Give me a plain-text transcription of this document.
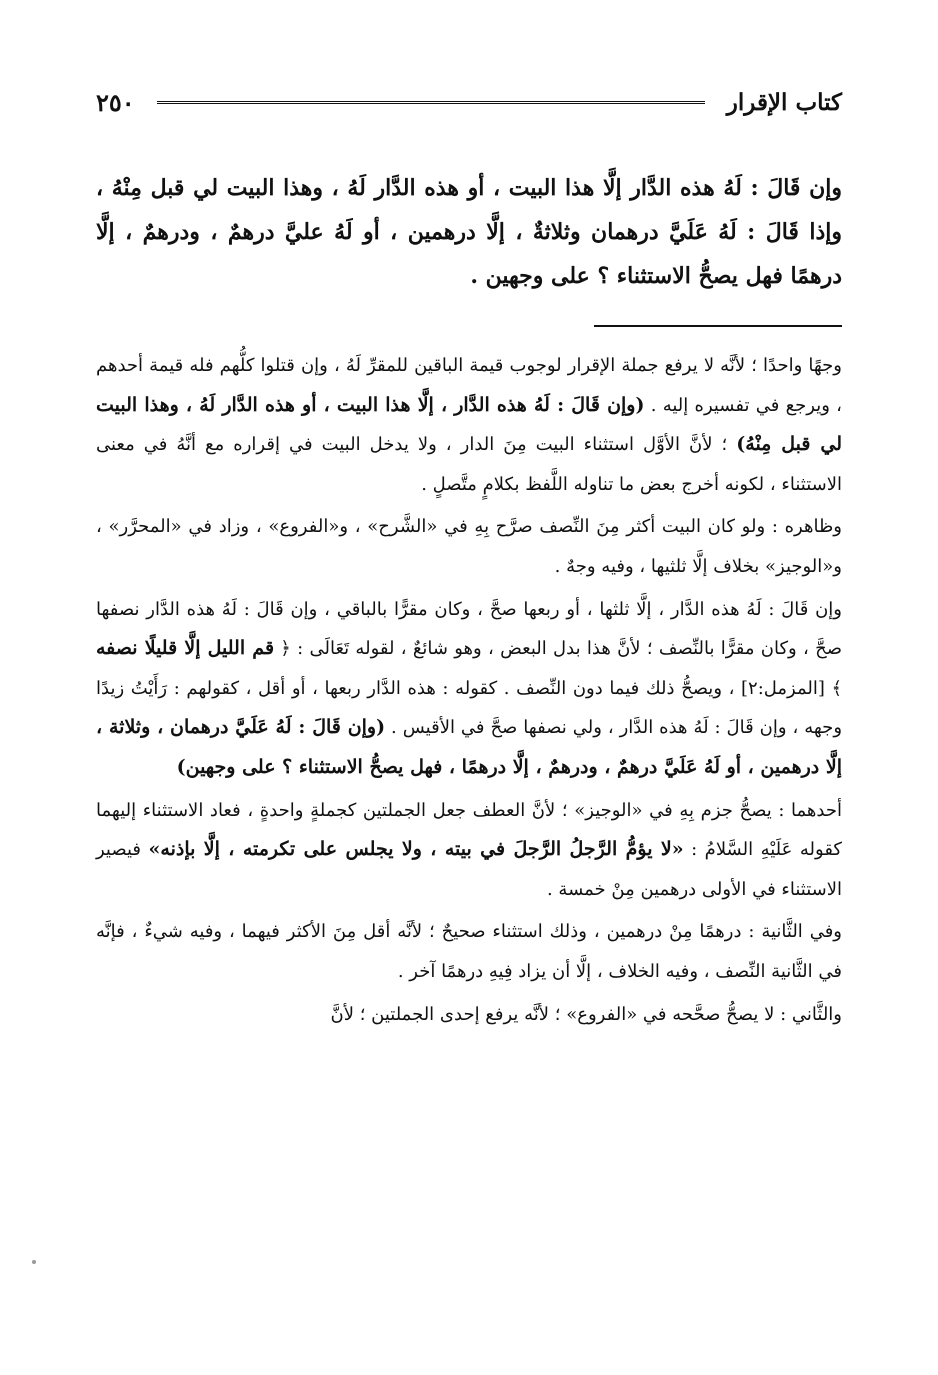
كتاب الإقرار
٢٥٠

وإن قَالَ : لَهُ هذه الدَّار إلَّا هذا البيت ، أو هذه الدَّار لَهُ ، وهذا البيت لي قبل مِنْهُ ، وإذا قَالَ : لَهُ عَلَيَّ درهمان وثلاثةٌ ، إلَّا درهمين ، أو لَهُ عليَّ درهمٌ ، ودرهمٌ ، إلَّا درهمًا فهل يصحُّ الاستثناء ؟ على وجهين .

وجهًا واحدًا ؛ لأنَّه لا يرفع جملة الإقرار لوجوب قيمة الباقين للمقرِّ لَهُ ، وإن قتلوا كلُّهم فله قيمة أحدهم ، ويرجع في تفسيره إليه . (وإن قَالَ : لَهُ هذه الدَّار ، إلَّا هذا البيت ، أو هذه الدَّار لَهُ ، وهذا البيت لي قبل مِنْهُ) ؛ لأنَّ الأوَّل استثناء البيت مِنَ الدار ، ولا يدخل البيت في إقراره مع أنَّهُ في معنى الاستثناء ، لكونه أخرج بعض ما تناوله اللَّفظ بكلامٍ متَّصلٍ .

وظاهره : ولو كان البيت أكثر مِنَ النِّصف صرَّح بِهِ في «الشَّرح» ، و«الفروع» ، وزاد في «المحرَّر» ، و«الوجيز» بخلاف إلَّا ثلثيها ، وفيه وجهٌ .

وإن قَالَ : لَهُ هذه الدَّار ، إلَّا ثلثها ، أو ربعها صحَّ ، وكان مقرًّا بالباقي ، وإن قَالَ : لَهُ هذه الدَّار نصفها صحَّ ، وكان مقرًّا بالنِّصف ؛ لأنَّ هذا بدل البعض ، وهو شائعٌ ، لقوله تَعَالَى : ﴿ قم الليل إلَّا قليلًا نصفه ﴾ [المزمل:٢] ، ويصحُّ ذلك فيما دون النِّصف . كقوله : هذه الدَّار ربعها ، أو أقل ، كقولهم : رَأَيْتُ زيدًا وجهه ، وإن قَالَ : لَهُ هذه الدَّار ، ولي نصفها صحَّ في الأقيس . (وإن قَالَ : لَهُ عَلَيَّ درهمان ، وثلاثة ، إلَّا درهمين ، أو لَهُ عَلَيَّ درهمٌ ، ودرهمٌ ، إلَّا درهمًا ، فهل يصحُّ الاستثناء ؟ على وجهين)

أحدهما : يصحُّ جزم بِهِ في «الوجيز» ؛ لأنَّ العطف جعل الجملتين كجملةٍ واحدةٍ ، فعاد الاستثناء إليهما كقوله عَلَيْهِ السَّلامُ : «لا يؤمُّ الرَّجلُ الرَّجلَ في بيته ، ولا يجلس على تكرمته ، إلَّا بإذنه» فيصير الاستثناء في الأولى درهمين مِنْ خمسة .

وفي الثَّانية : درهمًا مِنْ درهمين ، وذلك استثناء صحيحٌ ؛ لأنَّه أقل مِنَ الأكثر فيهما ، وفيه شيءٌ ، فإنَّه في الثَّانية النِّصف ، وفيه الخلاف ، إلَّا أن يزاد فِيهِ درهمًا آخر .

والثَّاني : لا يصحُّ صحَّحه في «الفروع» ؛ لأنَّه يرفع إحدى الجملتين ؛ لأنَّ
